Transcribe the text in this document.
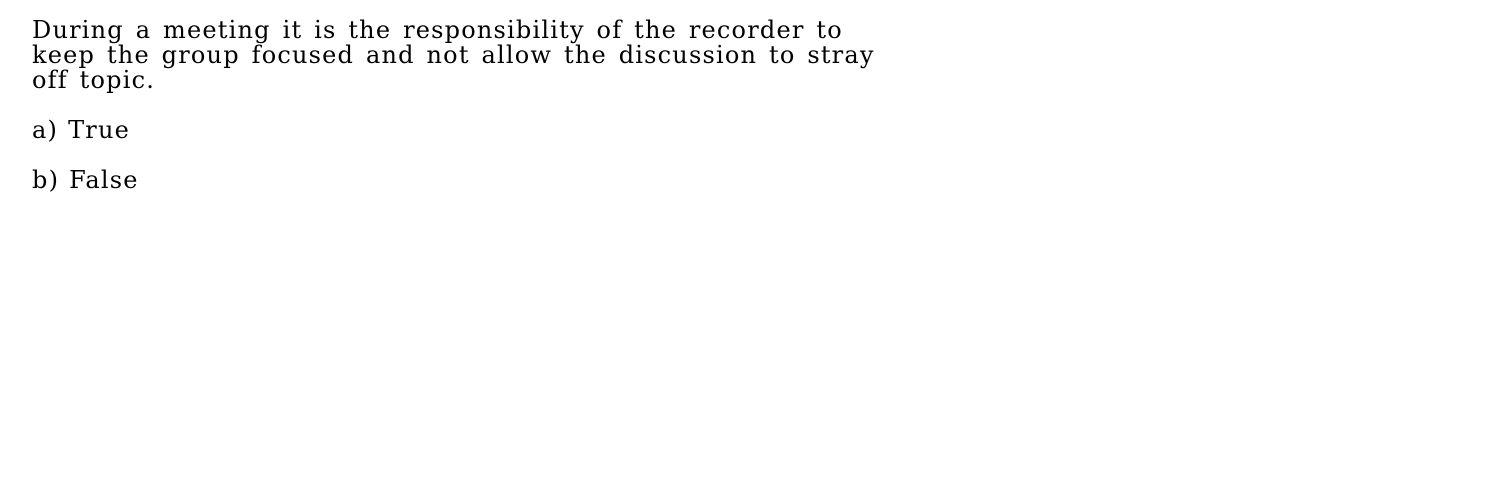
During a meeting it is the responsibility of the recorder to
keep the group focused and not allow the discussion to stray
off topic.
a) True
b) False
